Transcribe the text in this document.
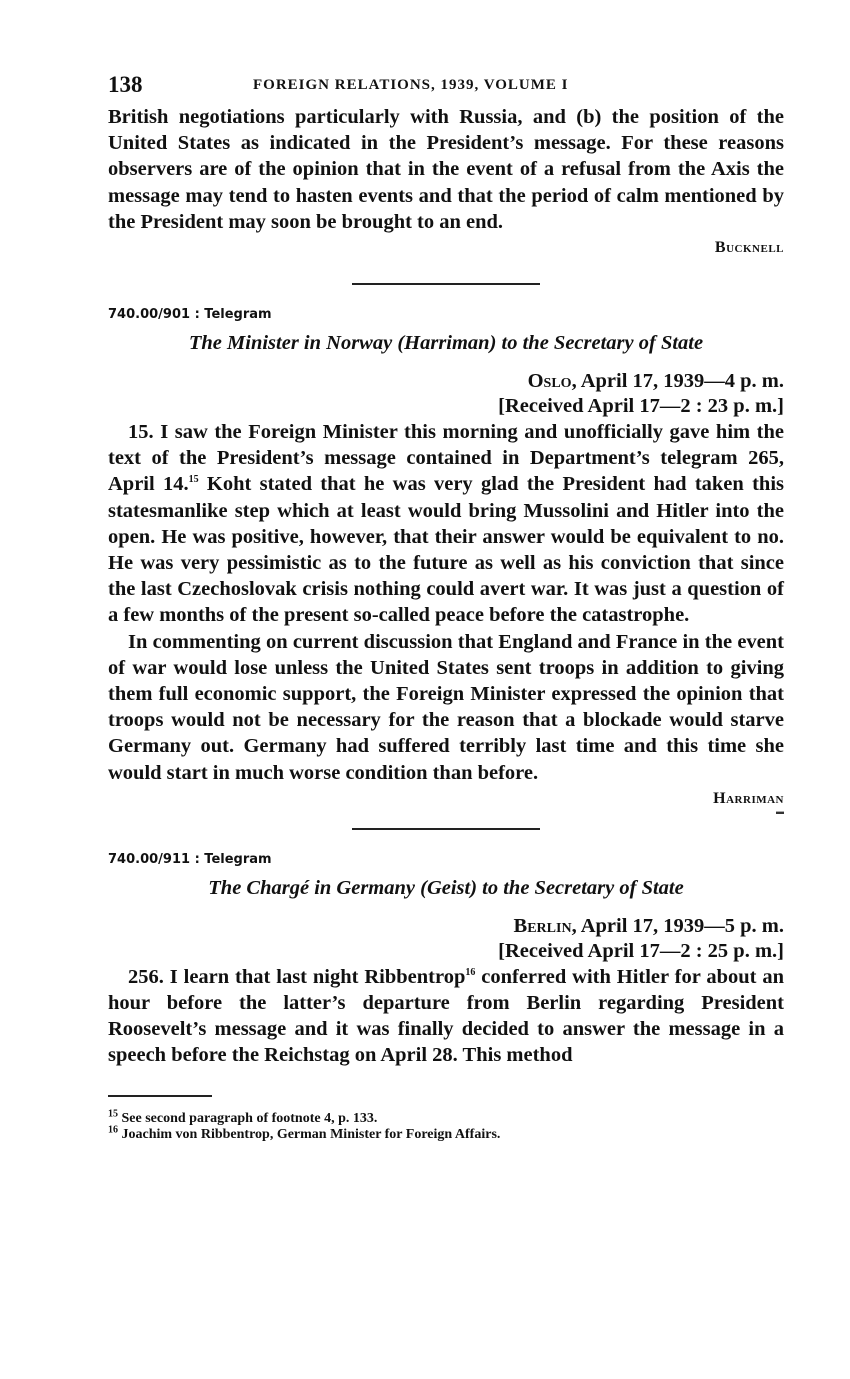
138	FOREIGN RELATIONS, 1939, VOLUME I

British negotiations particularly with Russia, and (b) the position of the United States as indicated in the President’s message. For these reasons observers are of the opinion that in the event of a refusal from the Axis the message may tend to hasten events and that the period of calm mentioned by the President may soon be brought to an end.

Bucknell
740.00/901 : Telegram
The Minister in Norway (Harriman) to the Secretary of State
Oslo, April 17, 1939—4 p. m.
[Received April 17—2 : 23 p. m.]

15. I saw the Foreign Minister this morning and unofficially gave him the text of the President’s message contained in Department’s telegram 265, April 14.15 Koht stated that he was very glad the President had taken this statesmanlike step which at least would bring Mussolini and Hitler into the open. He was positive, however, that their answer would be equivalent to no. He was very pessimistic as to the future as well as his conviction that since the last Czechoslovak crisis nothing could avert war. It was just a question of a few months of the present so-called peace before the catastrophe.

In commenting on current discussion that England and France in the event of war would lose unless the United States sent troops in addition to giving them full economic support, the Foreign Minister expressed the opinion that troops would not be necessary for the reason that a blockade would starve Germany out. Germany had suffered terribly last time and this time she would start in much worse condition than before.

Harriman
▬
740.00/911 : Telegram
The Chargé in Germany (Geist) to the Secretary of State
Berlin, April 17, 1939—5 p. m.
[Received April 17—2 : 25 p. m.]

256. I learn that last night Ribbentrop$^{16}$ conferred with Hitler for about an hour before the latter’s departure from Berlin regarding President Roosevelt’s message and it was finally decided to answer the message in a speech before the Reichstag on April 28. This method

$^{15}$ See second paragraph of footnote 4, p. 133.
$^{16}$ Joachim von Ribbentrop, German Minister for Foreign Affairs.
